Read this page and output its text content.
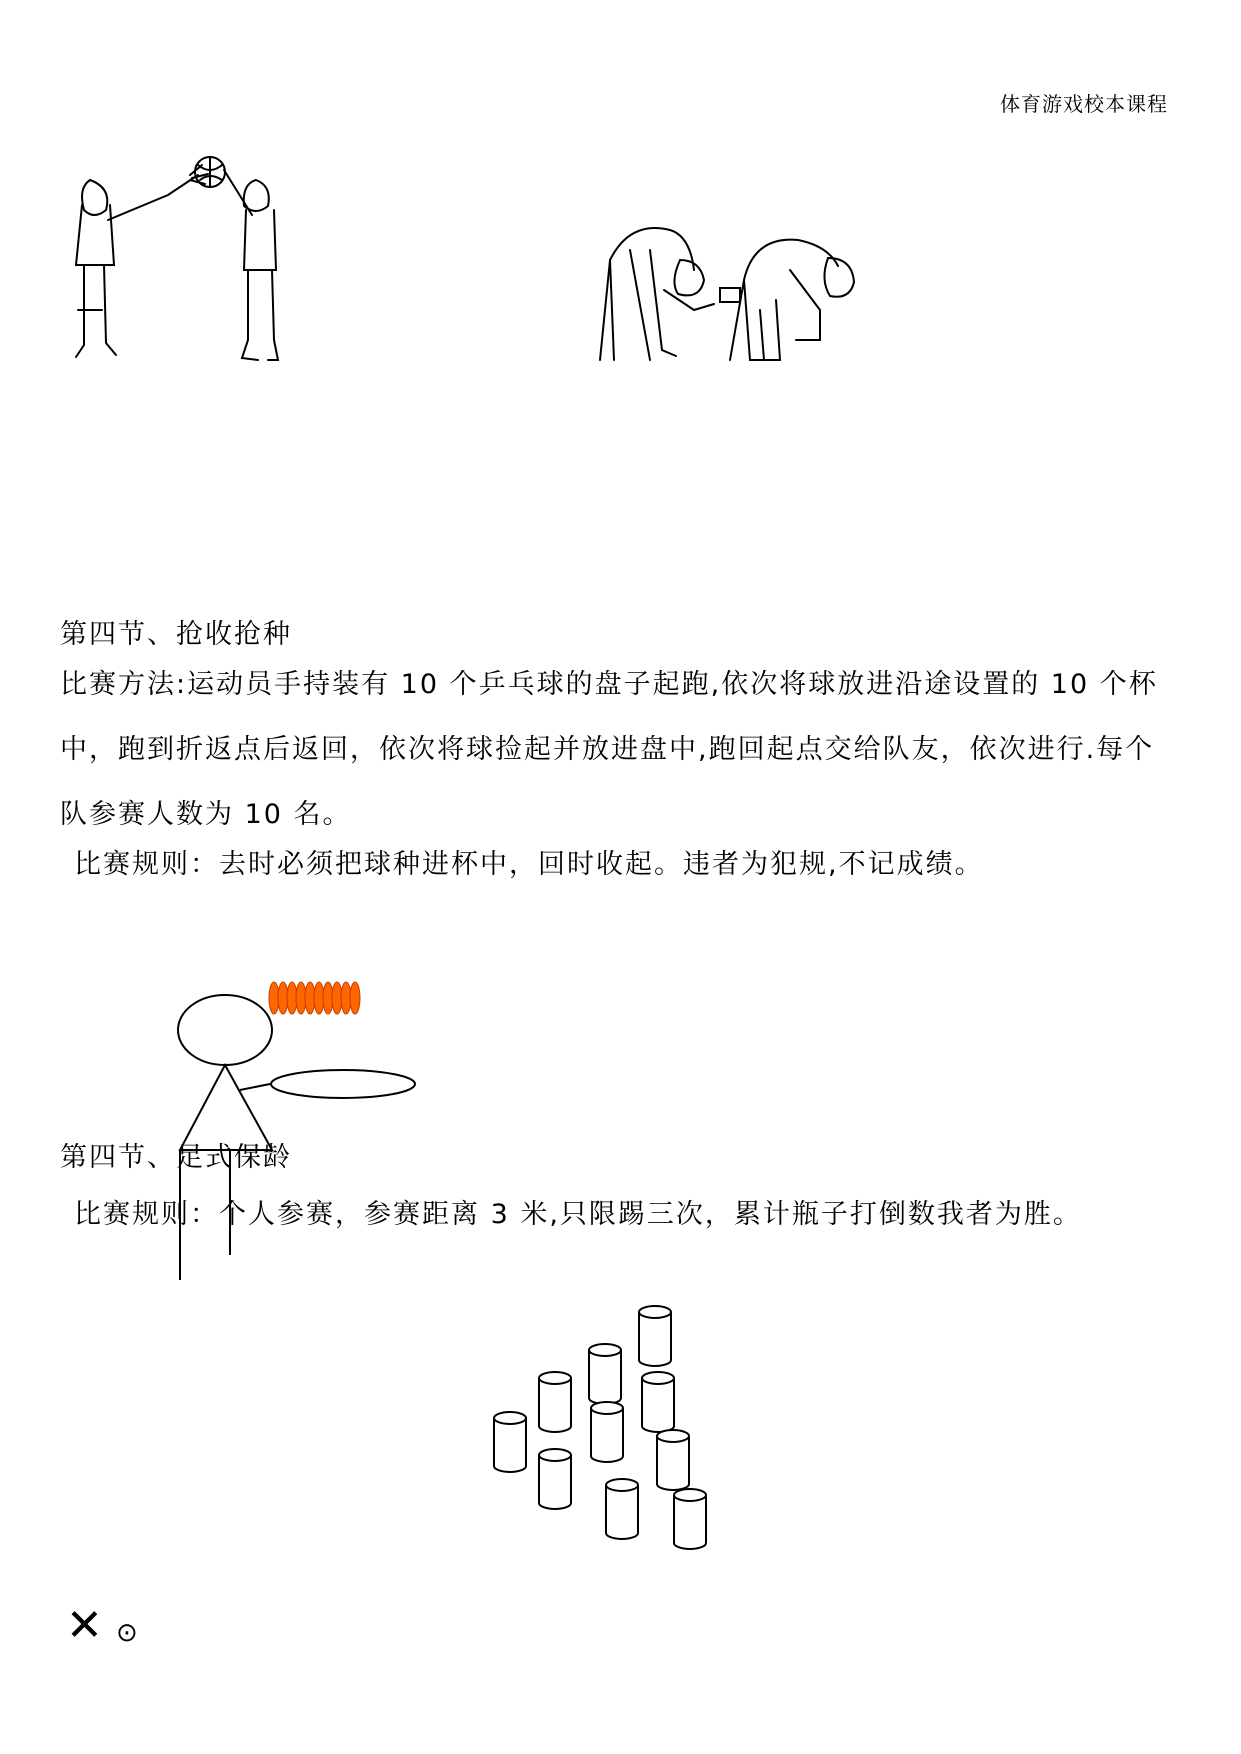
体育游戏校本课程
第四节、抢收抢种
比赛方法:运动员手持装有 10 个乒乓球的盘子起跑,依次将球放进沿途设置的 10 个杯中，跑到折返点后返回，依次将球捡起并放进盘中,跑回起点交给队友，依次进行.每个队参赛人数为 10 名。
比赛规则：去时必须把球种进杯中，回时收起。违者为犯规,不记成绩。
第四节、足式保龄
比赛规则：个人参赛，参赛距离 3 米,只限踢三次，累计瓶子打倒数我者为胜。
✕ ⊙
